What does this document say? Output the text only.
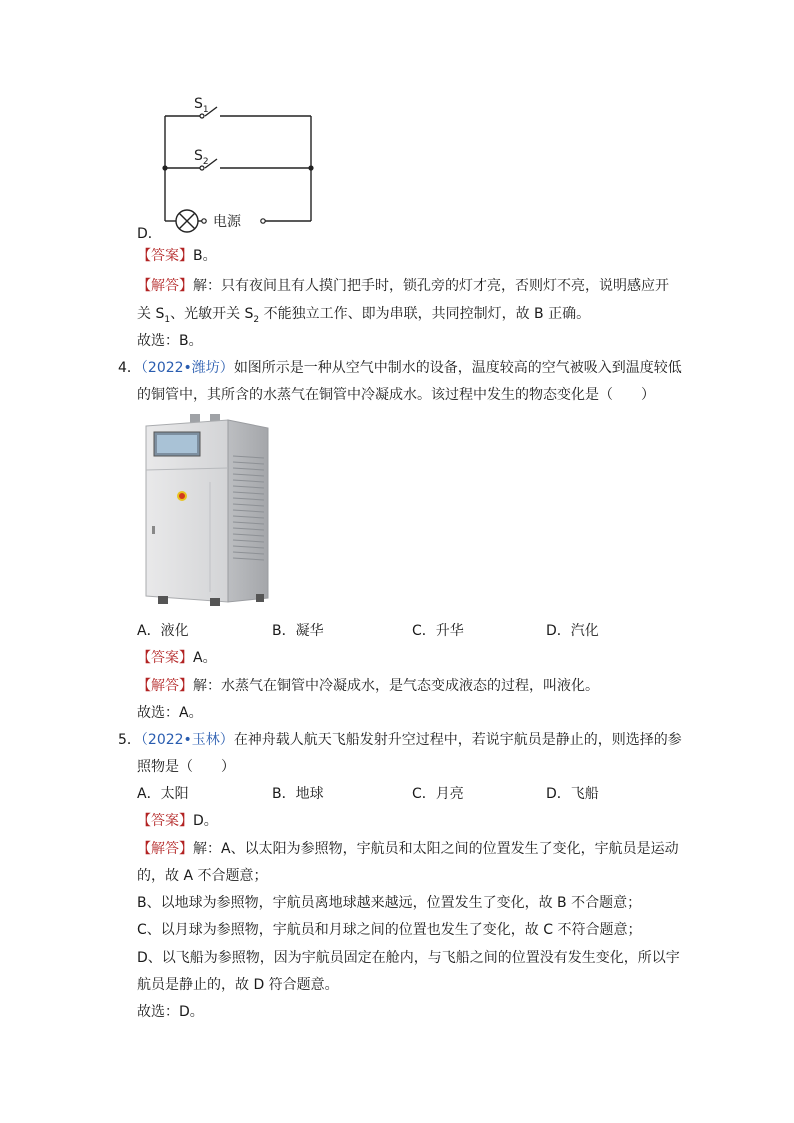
$S_1$
$S_2$
电源
D．
【答案】B。
【解答】解：只有夜间且有人摸门把手时，锁孔旁的灯才亮，否则灯不亮，说明感应开
关 $S_1$、光敏开关 $S_2$ 不能独立工作、即为串联，共同控制灯，故 B 正确。
故选：B。
4．（2022•潍坊）如图所示是一种从空气中制水的设备，温度较高的空气被吸入到温度较低
的铜管中，其所含的水蒸气在铜管中冷凝成水。该过程中发生的物态变化是（　　）
A．液化	B．凝华	C．升华	D．汽化
【答案】A。
【解答】解：水蒸气在铜管中冷凝成水，是气态变成液态的过程，叫液化。
故选：A。
5．（2022•玉林）在神舟载人航天飞船发射升空过程中，若说宇航员是静止的，则选择的参
照物是（　　）
A．太阳	B．地球	C．月亮	D．飞船
【答案】D。
【解答】解：A、以太阳为参照物，宇航员和太阳之间的位置发生了变化，宇航员是运动
的，故 A 不合题意；
B、以地球为参照物，宇航员离地球越来越远，位置发生了变化，故 B 不合题意；
C、以月球为参照物，宇航员和月球之间的位置也发生了变化，故 C 不符合题意；
D、以飞船为参照物，因为宇航员固定在舱内，与飞船之间的位置没有发生变化，所以宇
航员是静止的，故 D 符合题意。
故选：D。
